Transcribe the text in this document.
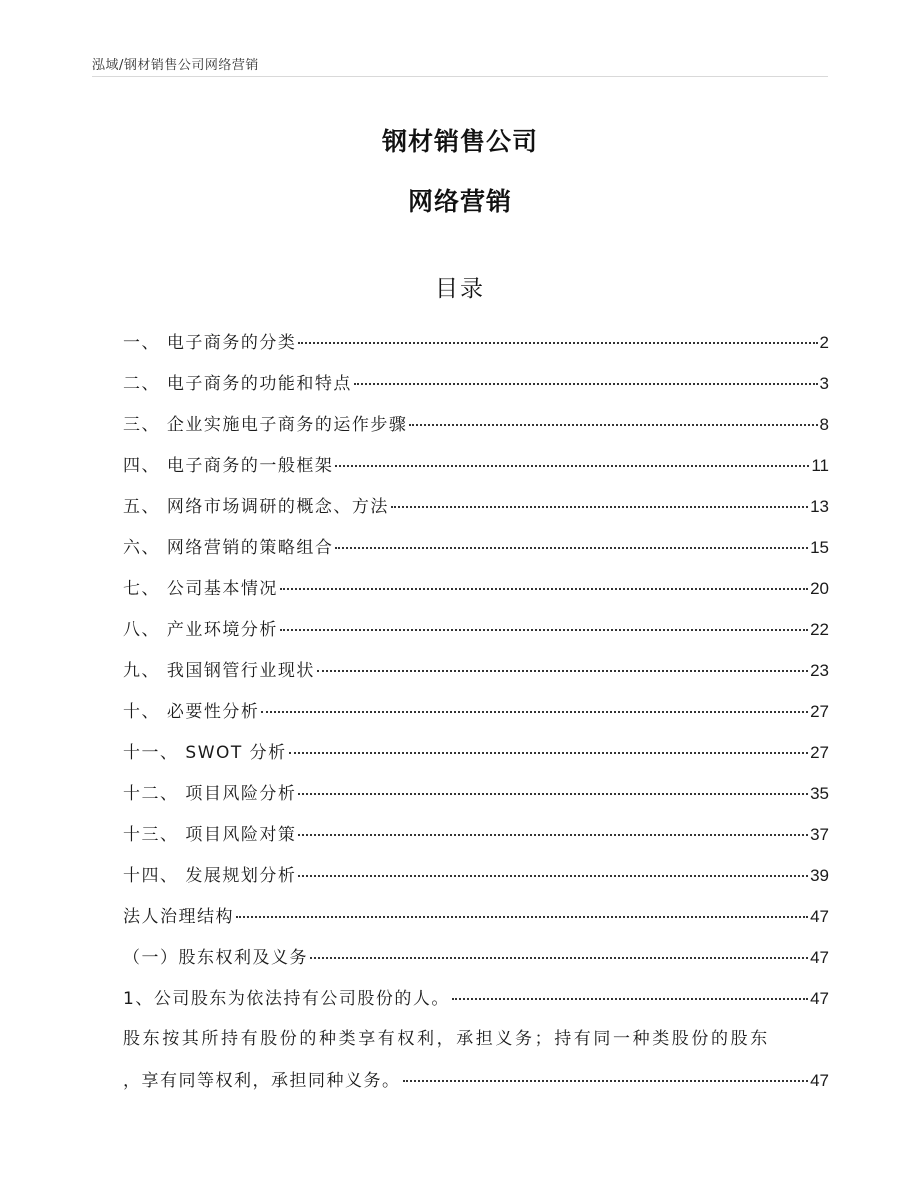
泓域/钢材销售公司网络营销
钢材销售公司
网络营销
目录
一、 电子商务的分类	2
二、 电子商务的功能和特点	3
三、 企业实施电子商务的运作步骤	8
四、 电子商务的一般框架	11
五、 网络市场调研的概念、方法	13
六、 网络营销的策略组合	15
七、 公司基本情况	20
八、 产业环境分析	22
九、 我国钢管行业现状	23
十、 必要性分析	27
十一、 SWOT 分析	27
十二、 项目风险分析	35
十三、 项目风险对策	37
十四、 发展规划分析	39
法人治理结构	47
（一）股东权利及义务	47
1、公司股东为依法持有公司股份的人。	47
股东按其所持有股份的种类享有权利，承担义务；持有同一种类股份的股东
，享有同等权利，承担同种义务。	47
